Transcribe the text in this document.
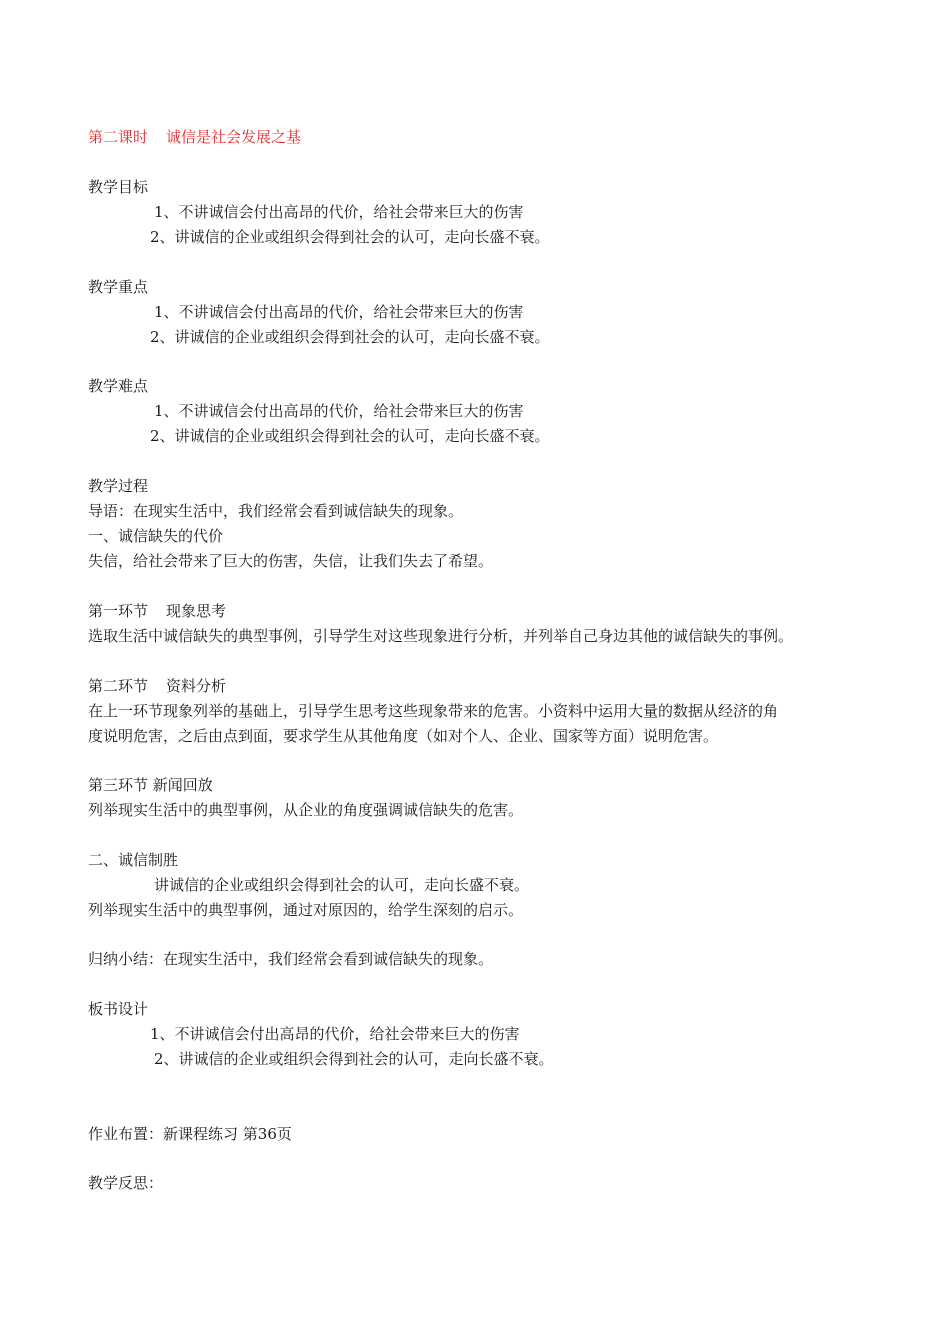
第二课时 诚信是社会发展之基
教学目标
1、不讲诚信会付出高昂的代价，给社会带来巨大的伤害
2、讲诚信的企业或组织会得到社会的认可，走向长盛不衰。
教学重点
1、不讲诚信会付出高昂的代价，给社会带来巨大的伤害
2、讲诚信的企业或组织会得到社会的认可，走向长盛不衰。
教学难点
1、不讲诚信会付出高昂的代价，给社会带来巨大的伤害
2、讲诚信的企业或组织会得到社会的认可，走向长盛不衰。
教学过程
导语：在现实生活中，我们经常会看到诚信缺失的现象。
一、诚信缺失的代价
失信，给社会带来了巨大的伤害，失信，让我们失去了希望。
第一环节 现象思考
选取生活中诚信缺失的典型事例，引导学生对这些现象进行分析，并列举自己身边其他的诚信缺失的事例。
第二环节 资料分析
在上一环节现象列举的基础上，引导学生思考这些现象带来的危害。小资料中运用大量的数据从经济的角
度说明危害，之后由点到面，要求学生从其他角度（如对个人、企业、国家等方面）说明危害。
第三环节 新闻回放
列举现实生活中的典型事例，从企业的角度强调诚信缺失的危害。
二、诚信制胜
讲诚信的企业或组织会得到社会的认可，走向长盛不衰。
列举现实生活中的典型事例，通过对原因的，给学生深刻的启示。
归纳小结：在现实生活中，我们经常会看到诚信缺失的现象。
板书设计
1、不讲诚信会付出高昂的代价，给社会带来巨大的伤害
2、讲诚信的企业或组织会得到社会的认可，走向长盛不衰。
作业布置：新课程练习 第36页
教学反思：
